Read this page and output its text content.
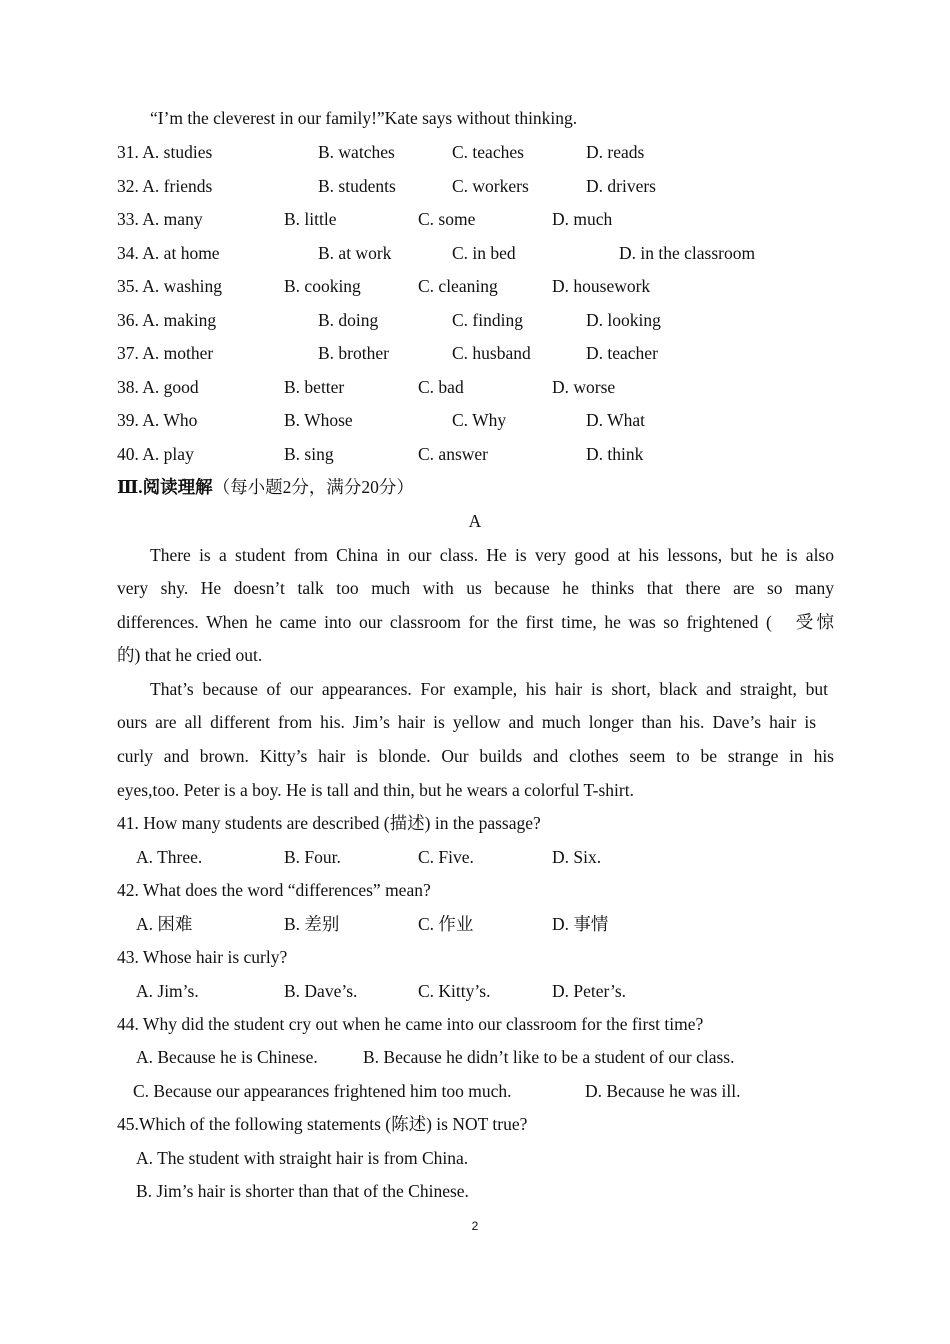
“I’m the cleverest in our family!”Kate says without thinking.
31. A. studies	B. watches	C. teaches	D. reads
32. A. friends	B. students	C. workers	D. drivers
33. A. many	B. little	C. some	D. much
34. A. at home	B. at work	C. in bed	D. in the classroom
35. A. washing	B. cooking	C. cleaning	D. housework
36. A. making	B. doing	C. finding	D. looking
37. A. mother	B. brother	C. husband	D. teacher
38. A. good	B. better	C. bad	D. worse
39. A. Who	B. Whose	C. Why	D. What
40. A. play	B. sing	C. answer	D. think
Ⅲ.阅读理解（每小题2分，满分20分）
A
There is a student from China in our class. He is very good at his lessons, but he is also
very shy. He doesn’t talk too much with us because he thinks that there are so many
differences. When he came into our classroom for the first time, he was so frightened (　受惊
的) that he cried out.
That’s because of our appearances. For example, his hair is short, black and straight, but
ours are all different from his. Jim’s hair is yellow and much longer than his. Dave’s hair is
curly and brown. Kitty’s hair is blonde. Our builds and clothes seem to be strange in his
eyes,too. Peter is a boy. He is tall and thin, but he wears a colorful T-shirt.
41. How many students are described (描述) in the passage?
A. Three.	B. Four.	C. Five.	D. Six.
42. What does the word “differences” mean?
A. 困难	B. 差别	C. 作业	D. 事情
43. Whose hair is curly?
A. Jim’s.	B. Dave’s.	C. Kitty’s.	D. Peter’s.
44. Why did the student cry out when he came into our classroom for the first time?
A. Because he is Chinese.	B. Because he didn’t like to be a student of our class.
C. Because our appearances frightened him too much.	D. Because he was ill.
45.Which of the following statements (陈述) is NOT true?
A. The student with straight hair is from China.
B. Jim’s hair is shorter than that of the Chinese.
2
